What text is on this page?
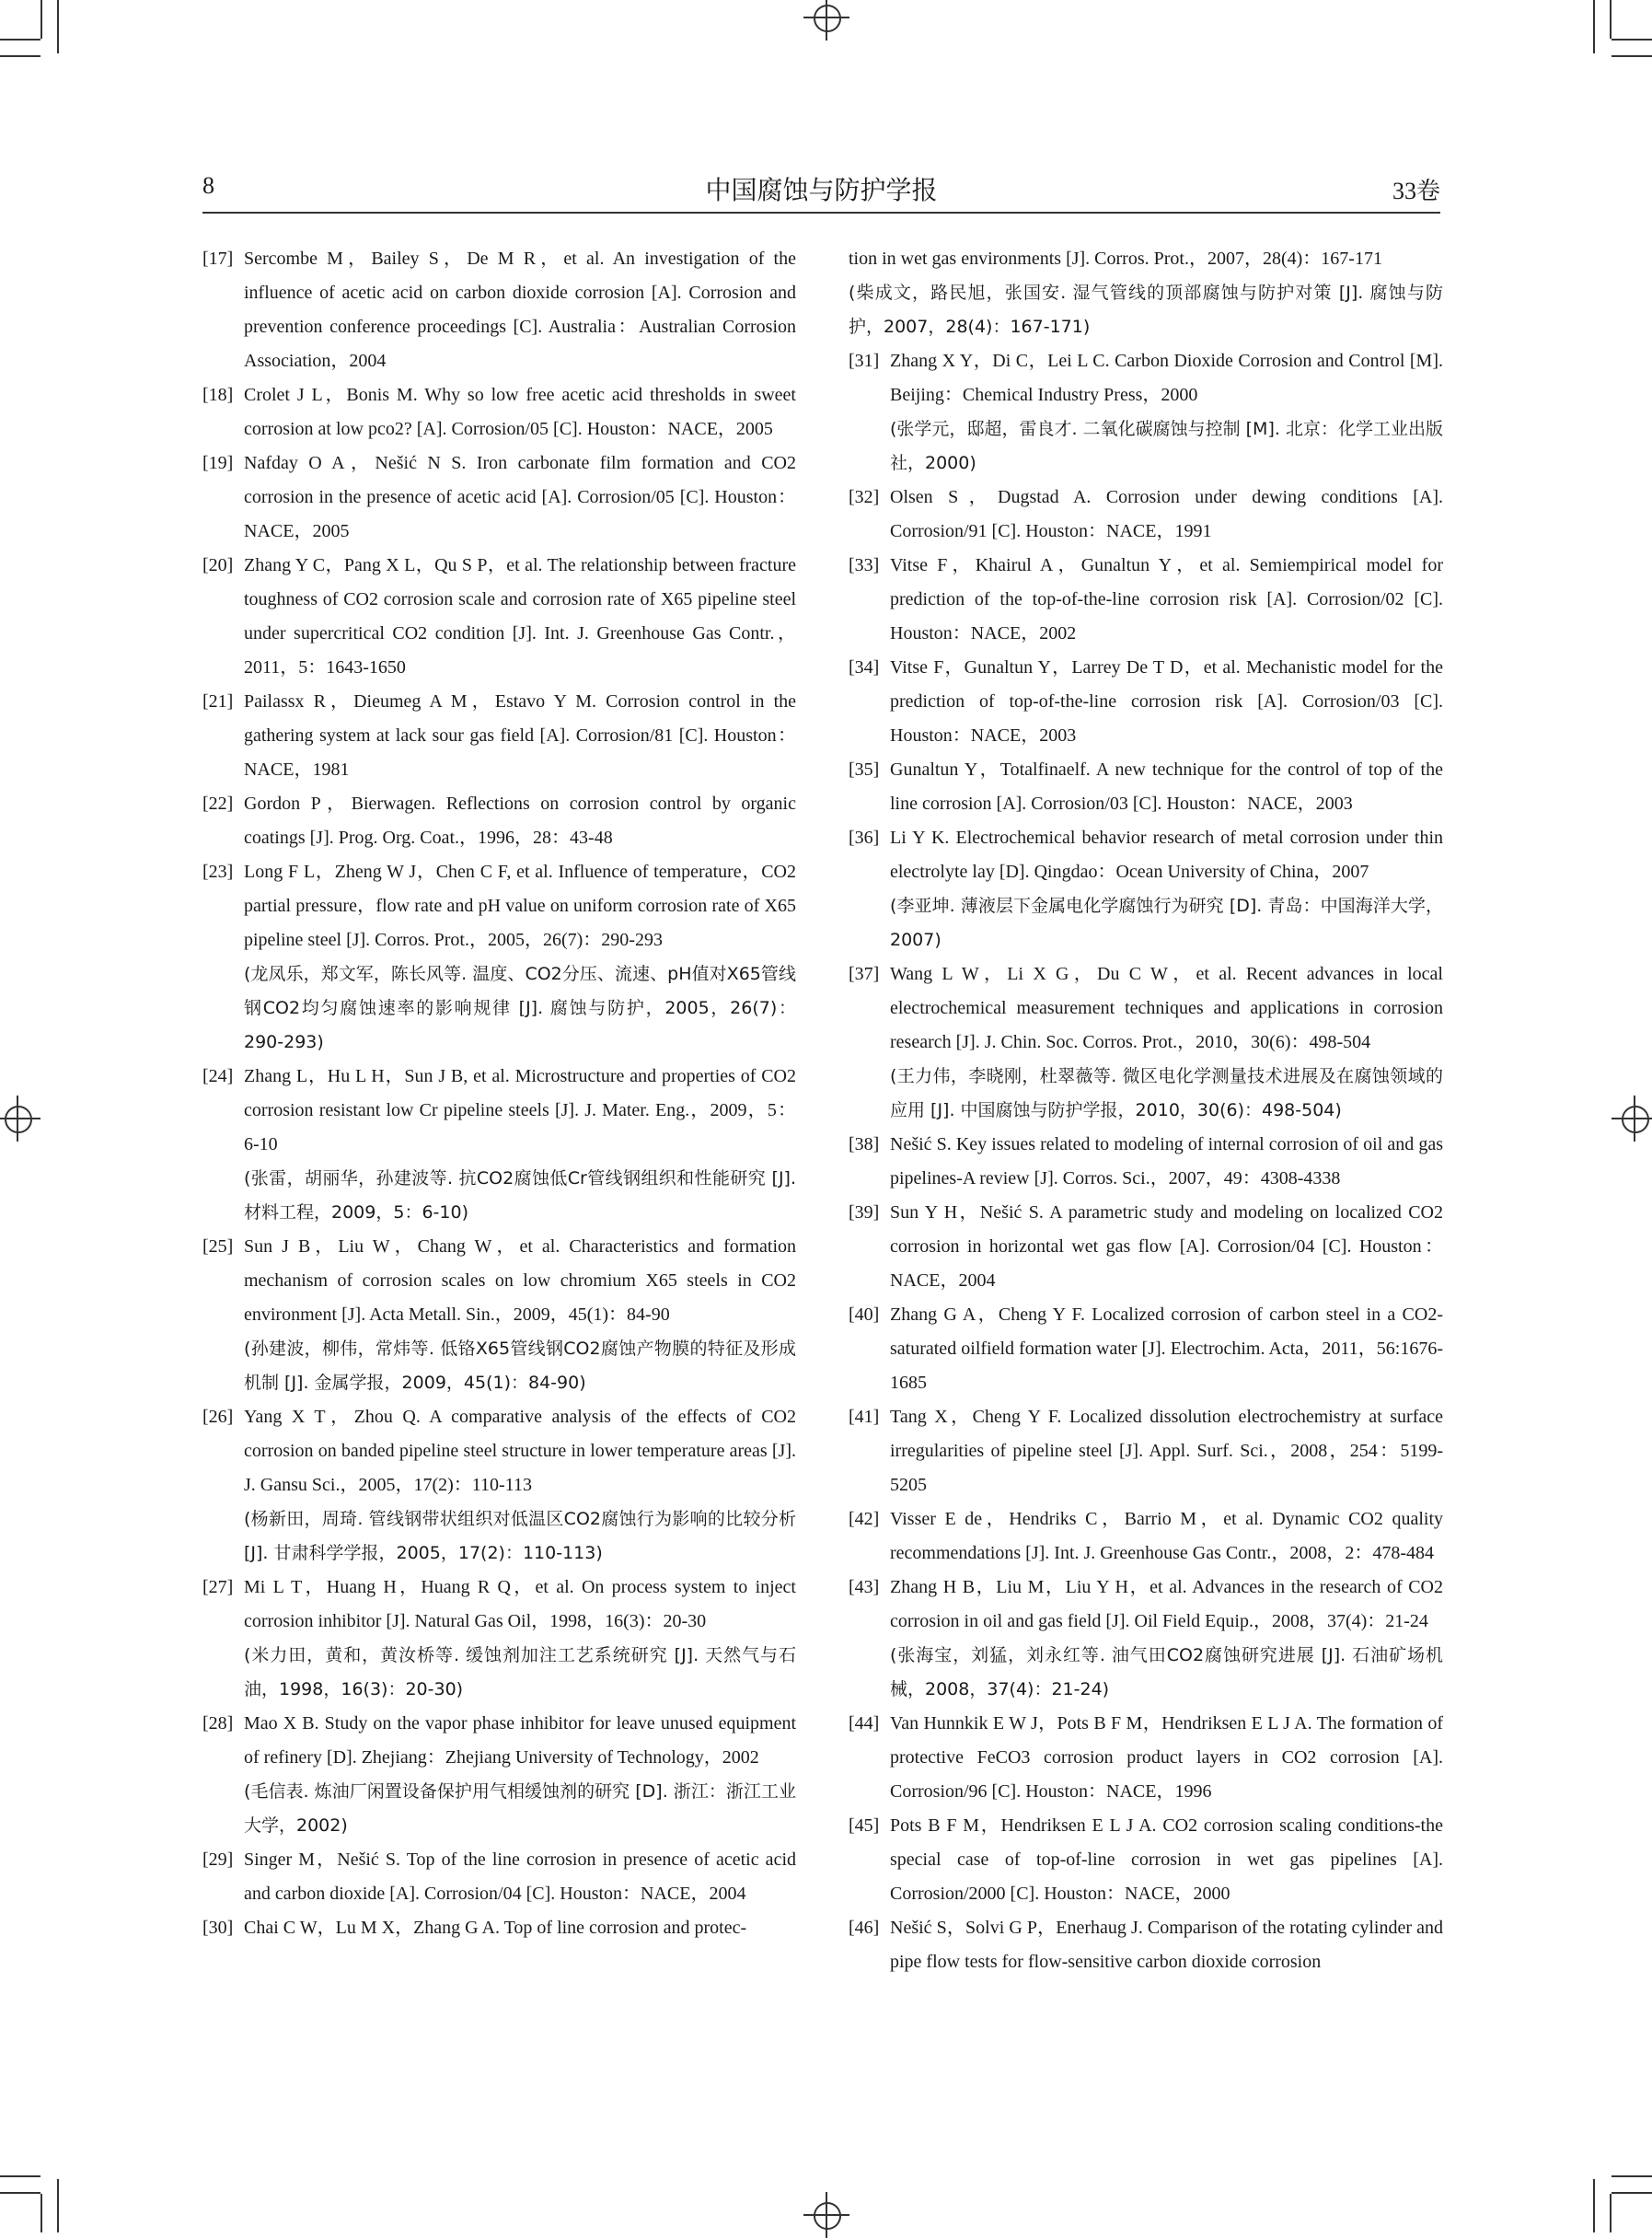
8	中国腐蚀与防护学报	33卷
[17] Sercombe M，Bailey S，De M R，et al. An investigation of the influence of acetic acid on carbon dioxide corrosion [A]. Corrosion and prevention conference proceedings [C]. Australia：Australian Corrosion Association，2004
[18] Crolet J L，Bonis M. Why so low free acetic acid thresholds in sweet corrosion at low pco2? [A]. Corrosion/05 [C]. Houston：NACE，2005
[19] Nafday O A，Nešić N S. Iron carbonate film formation and CO2 corrosion in the presence of acetic acid [A]. Corrosion/05 [C]. Houston：NACE，2005
[20] Zhang Y C，Pang X L，Qu S P，et al. The relationship between fracture toughness of CO2 corrosion scale and corrosion rate of X65 pipeline steel under supercritical CO2 condition [J]. Int. J. Greenhouse Gas Contr.，2011，5：1643-1650
[21] Pailassx R，Dieumeg A M，Estavo Y M. Corrosion control in the gathering system at lack sour gas field [A]. Corrosion/81 [C]. Houston：NACE，1981
[22] Gordon P，Bierwagen. Reflections on corrosion control by organic coatings [J]. Prog. Org. Coat.，1996，28：43-48
[23] Long F L，Zheng W J，Chen C F, et al. Influence of temperature，CO2 partial pressure，flow rate and pH value on uniform corrosion rate of X65 pipeline steel [J]. Corros. Prot.，2005，26(7)：290-293
(龙凤乐，郑文军，陈长风等. 温度、CO2分压、流速、pH值对X65管线钢CO2均匀腐蚀速率的影响规律 [J]. 腐蚀与防护，2005，26(7)：290-293)
[24] Zhang L，Hu L H，Sun J B, et al. Microstructure and properties of CO2 corrosion resistant low Cr pipeline steels [J]. J. Mater. Eng.，2009，5：6-10
(张雷，胡丽华，孙建波等. 抗CO2腐蚀低Cr管线钢组织和性能研究 [J]. 材料工程，2009，5：6-10)
[25] Sun J B，Liu W，Chang W，et al. Characteristics and formation mechanism of corrosion scales on low chromium X65 steels in CO2 environment [J]. Acta Metall. Sin.，2009，45(1)：84-90
(孙建波，柳伟，常炜等. 低铬X65管线钢CO2腐蚀产物膜的特征及形成机制 [J]. 金属学报，2009，45(1)：84-90)
[26] Yang X T，Zhou Q. A comparative analysis of the effects of CO2 corrosion on banded pipeline steel structure in lower temperature areas [J]. J. Gansu Sci.，2005，17(2)：110-113
(杨新田，周琦. 管线钢带状组织对低温区CO2腐蚀行为影响的比较分析 [J]. 甘肃科学学报，2005，17(2)：110-113)
[27] Mi L T，Huang H，Huang R Q，et al. On process system to inject corrosion inhibitor [J]. Natural Gas Oil，1998，16(3)：20-30
(米力田，黄和，黄汝桥等. 缓蚀剂加注工艺系统研究 [J]. 天然气与石油，1998，16(3)：20-30)
[28] Mao X B. Study on the vapor phase inhibitor for leave unused equipment of refinery [D]. Zhejiang：Zhejiang University of Technology，2002
(毛信表. 炼油厂闲置设备保护用气相缓蚀剂的研究 [D]. 浙江：浙江工业大学，2002)
[29] Singer M，Nešić S. Top of the line corrosion in presence of acetic acid and carbon dioxide [A]. Corrosion/04 [C]. Houston：NACE，2004
[30] Chai C W，Lu M X，Zhang G A. Top of line corrosion and protec-
tion in wet gas environments [J]. Corros. Prot.，2007，28(4)：167-171
(柴成文，路民旭，张国安. 湿气管线的顶部腐蚀与防护对策 [J]. 腐蚀与防护，2007，28(4)：167-171)
[31] Zhang X Y，Di C，Lei L C. Carbon Dioxide Corrosion and Control [M]. Beijing：Chemical Industry Press，2000
(张学元，邸超，雷良才. 二氧化碳腐蚀与控制 [M]. 北京：化学工业出版社，2000)
[32] Olsen S，Dugstad A. Corrosion under dewing conditions [A]. Corrosion/91 [C]. Houston：NACE，1991
[33] Vitse F，Khairul A，Gunaltun Y，et al. Semiempirical model for prediction of the top-of-the-line corrosion risk [A]. Corrosion/02 [C]. Houston：NACE，2002
[34] Vitse F，Gunaltun Y，Larrey De T D，et al. Mechanistic model for the prediction of top-of-the-line corrosion risk [A]. Corrosion/03 [C]. Houston：NACE，2003
[35] Gunaltun Y，Totalfinaelf. A new technique for the control of top of the line corrosion [A]. Corrosion/03 [C]. Houston：NACE，2003
[36] Li Y K. Electrochemical behavior research of metal corrosion under thin electrolyte lay [D]. Qingdao：Ocean University of China，2007
(李亚坤. 薄液层下金属电化学腐蚀行为研究 [D]. 青岛：中国海洋大学，2007)
[37] Wang L W，Li X G，Du C W，et al. Recent advances in local electrochemical measurement techniques and applications in corrosion research [J]. J. Chin. Soc. Corros. Prot.，2010，30(6)：498-504
(王力伟，李晓刚，杜翠薇等. 微区电化学测量技术进展及在腐蚀领域的应用 [J]. 中国腐蚀与防护学报，2010，30(6)：498-504)
[38] Nešić S. Key issues related to modeling of internal corrosion of oil and gas pipelines-A review [J]. Corros. Sci.，2007，49：4308-4338
[39] Sun Y H，Nešić S. A parametric study and modeling on localized CO2 corrosion in horizontal wet gas flow [A]. Corrosion/04 [C]. Houston：NACE，2004
[40] Zhang G A，Cheng Y F. Localized corrosion of carbon steel in a CO2-saturated oilfield formation water [J]. Electrochim. Acta，2011，56:1676-1685
[41] Tang X，Cheng Y F. Localized dissolution electrochemistry at surface irregularities of pipeline steel [J]. Appl. Surf. Sci.，2008，254：5199-5205
[42] Visser E de，Hendriks C，Barrio M，et al. Dynamic CO2 quality recommendations [J]. Int. J. Greenhouse Gas Contr.，2008，2：478-484
[43] Zhang H B，Liu M，Liu Y H，et al. Advances in the research of CO2 corrosion in oil and gas field [J]. Oil Field Equip.，2008，37(4)：21-24
(张海宝，刘猛，刘永红等. 油气田CO2腐蚀研究进展 [J]. 石油矿场机械，2008，37(4)：21-24)
[44] Van Hunnkik E W J，Pots B F M，Hendriksen E L J A. The formation of protective FeCO3 corrosion product layers in CO2 corrosion [A]. Corrosion/96 [C]. Houston：NACE，1996
[45] Pots B F M，Hendriksen E L J A. CO2 corrosion scaling conditions-the special case of top-of-line corrosion in wet gas pipelines [A]. Corrosion/2000 [C]. Houston：NACE，2000
[46] Nešić S，Solvi G P，Enerhaug J. Comparison of the rotating cylinder and pipe flow tests for flow-sensitive carbon dioxide corrosion
